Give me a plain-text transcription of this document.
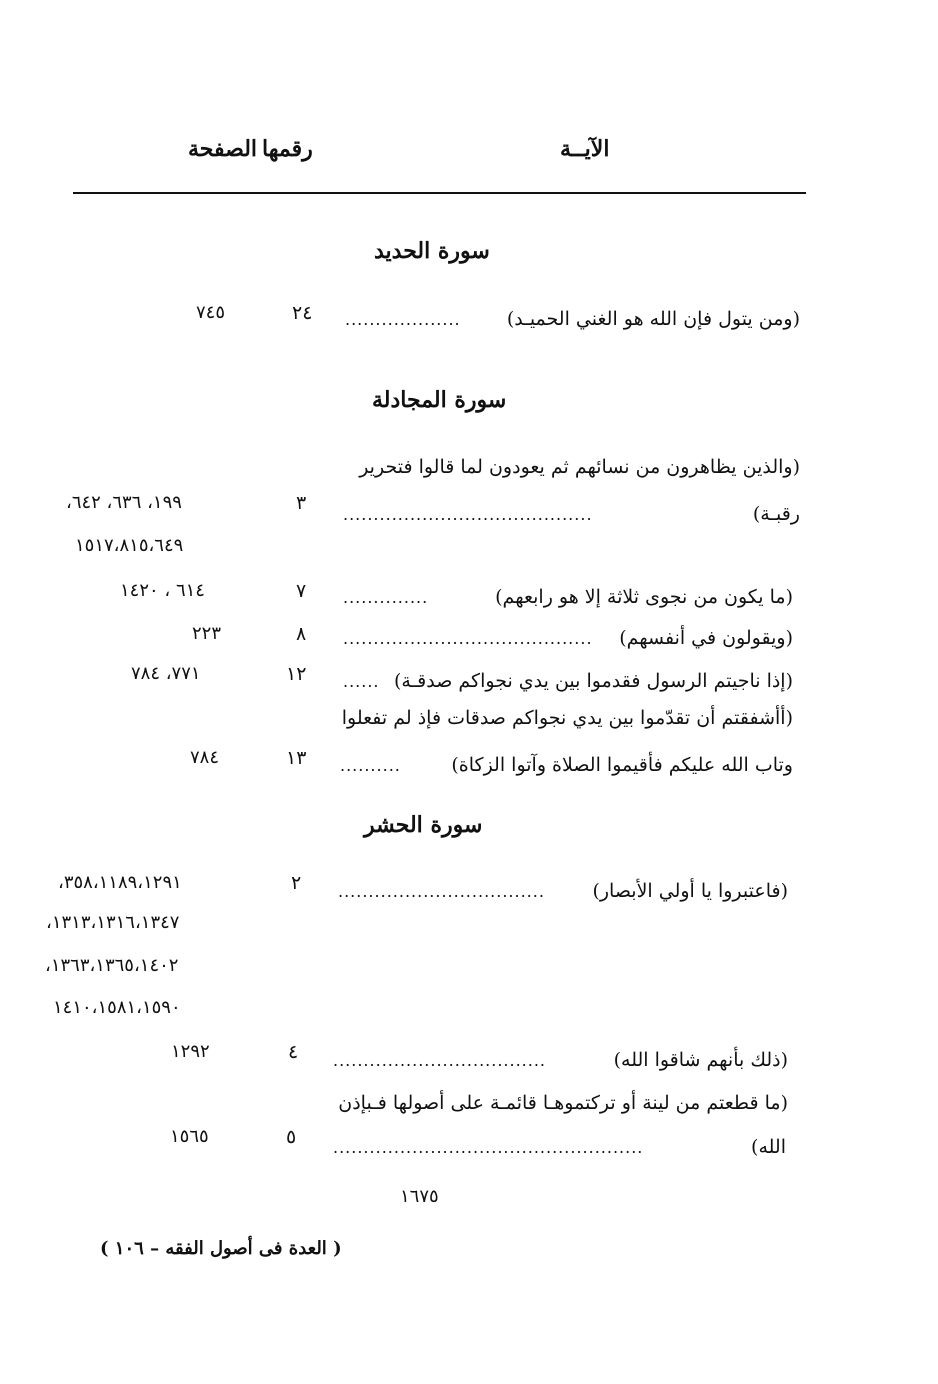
الآيــة
رقمها
الصفحة
سورة الحديد
(ومن يتول فإن الله هو الغني الحميـد)
...................
٢٤
٧٤٥
سورة المجادلة
(والذين يظاهرون من نسائهم ثم يعودون لما قالوا فتحرير
رقبـة)
.........................................
٣
١٩٩، ٦٣٦، ٦٤٢،
١٥١٧،٨١٥،٦٤٩
(ما يكون من نجوى ثلاثة إلا هو رابعهم)
..............
٧
٦١٤ ، ١٤٢٠
(ويقولون في أنفسهم)
.........................................
٨
٢٢٣
(إذا ناجيتم الرسول فقدموا بين يدي نجواكم صدقـة)
......
١٢
٧٧١، ٧٨٤
(أأشفقتم أن تقدّموا بين يدي نجواكم صدقات فإذ لم تفعلوا
وتاب الله عليكم فأقيموا الصلاة وآتوا الزكاة)
..........
١٣
٧٨٤
سورة الحشر
(فاعتبروا يا أولي الأبصار)
..................................
٢
٣٥٨،١١٨٩،١٢٩١،
١٣١٣،١٣١٦،١٣٤٧،
١٣٦٣،١٣٦٥،١٤٠٢،
١٤١٠،١٥٨١،١٥٩٠
(ذلك بأنهم شاقوا الله)
...................................
٤
١٢٩٢
(ما قطعتم من لينة أو تركتموهـا قائمـة على أصولها فـبإذن
الله)
...................................................
٥
١٥٦٥
١٦٧٥
( العدة فى أصول الفقه – ١٠٦ )
